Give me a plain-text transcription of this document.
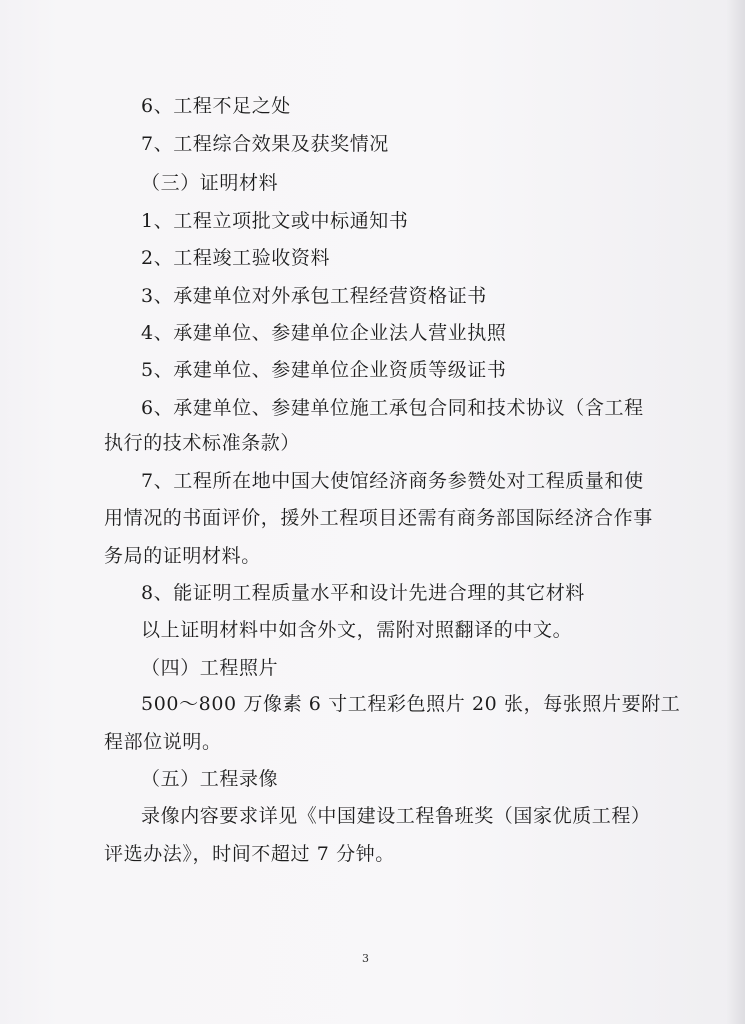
6、工程不足之处
7、工程综合效果及获奖情况
（三）证明材料
1、工程立项批文或中标通知书
2、工程竣工验收资料
3、承建单位对外承包工程经营资格证书
4、承建单位、参建单位企业法人营业执照
5、承建单位、参建单位企业资质等级证书
6、承建单位、参建单位施工承包合同和技术协议（含工程
执行的技术标准条款）
7、工程所在地中国大使馆经济商务参赞处对工程质量和使
用情况的书面评价，援外工程项目还需有商务部国际经济合作事
务局的证明材料。
8、能证明工程质量水平和设计先进合理的其它材料
以上证明材料中如含外文，需附对照翻译的中文。
（四）工程照片
500～800 万像素 6 寸工程彩色照片 20 张，每张照片要附工
程部位说明。
（五）工程录像
录像内容要求详见《中国建设工程鲁班奖（国家优质工程）
评选办法》，时间不超过 7 分钟。
3
